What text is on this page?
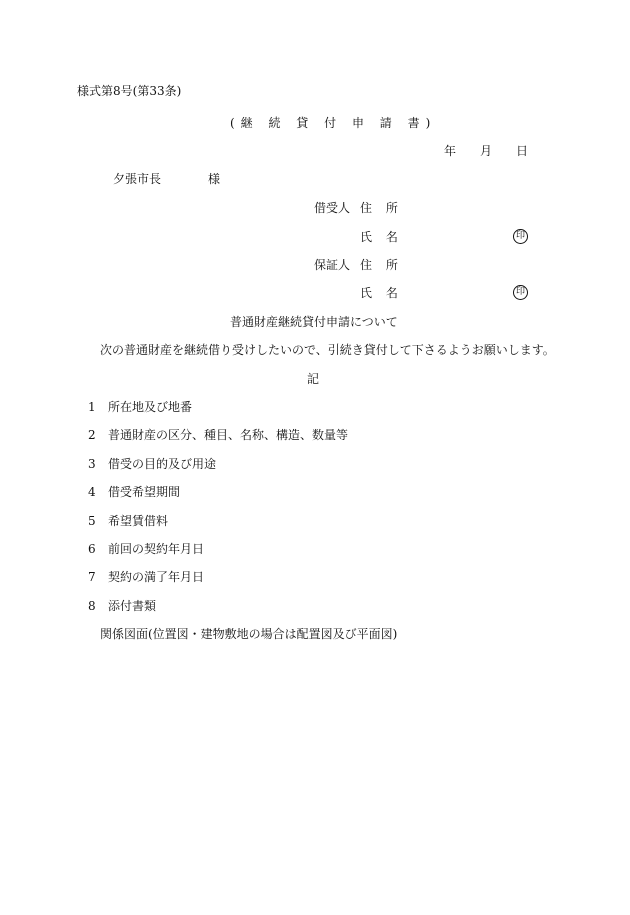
様式第8号(第33条)

(継 続 貸 付 申 請 書)

年 月 日

夕張市長	様

借受人 住 所

氏 名	印

保証人 住 所

氏 名	印

普通財産継続貸付申請について

次の普通財産を継続借り受けしたいので、引続き貸付して下さるようお願いします。

記

1 所在地及び地番
2 普通財産の区分、種目、名称、構造、数量等
3 借受の目的及び用途
4 借受希望期間
5 希望賃借料
6 前回の契約年月日
7 契約の満了年月日
8 添付書類

関係図面(位置図・建物敷地の場合は配置図及び平面図)
